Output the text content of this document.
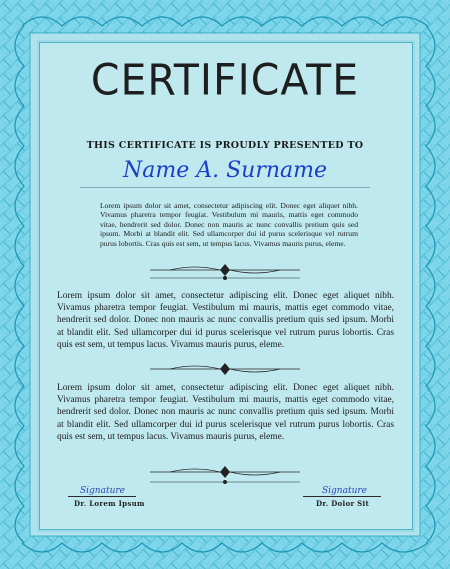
CERTIFICATE
THIS CERTIFICATE IS PROUDLY PRESENTED TO
Name A. Surname
Lorem ipsum dolor sit amet, consectetur adipiscing elit. Donec eget aliquet nibh. Vivamus pharetra tempor feugiat. Vestibulum mi mauris, mattis eget commodo vitae, hendrerit sed dolor. Donec non mauris ac nunc convallis pretium quis sed ipsum. Morbi at blandit elit. Sed ullamcorper dui id purus scelerisque vel rutrum purus lobortis. Cras quis est sem, ut tempus lacus. Vivamus mauris purus, eleme.
Lorem ipsum dolor sit amet, consectetur adipiscing elit. Donec eget aliquet nibh. Vivamus pharetra tempor feugiat. Vestibulum mi mauris, mattis eget commodo vitae, hendrerit sed dolor. Donec non mauris ac nunc convallis pretium quis sed ipsum. Morbi at blandit elit. Sed ullamcorper dui id purus scelerisque vel rutrum purus lobortis. Cras quis est sem, ut tempus lacus. Vivamus mauris purus, eleme.
Lorem ipsum dolor sit amet, consectetur adipiscing elit. Donec eget aliquet nibh. Vivamus pharetra tempor feugiat. Vestibulum mi mauris, mattis eget commodo vitae, hendrerit sed dolor. Donec non mauris ac nunc convallis pretium quis sed ipsum. Morbi at blandit elit. Sed ullamcorper dui id purus scelerisque vel rutrum purus lobortis. Cras quis est sem, ut tempus lacus. Vivamus mauris purus, eleme.
Signature
Dr. Lorem Ipsum
Signature
Dr. Dolor Sit
